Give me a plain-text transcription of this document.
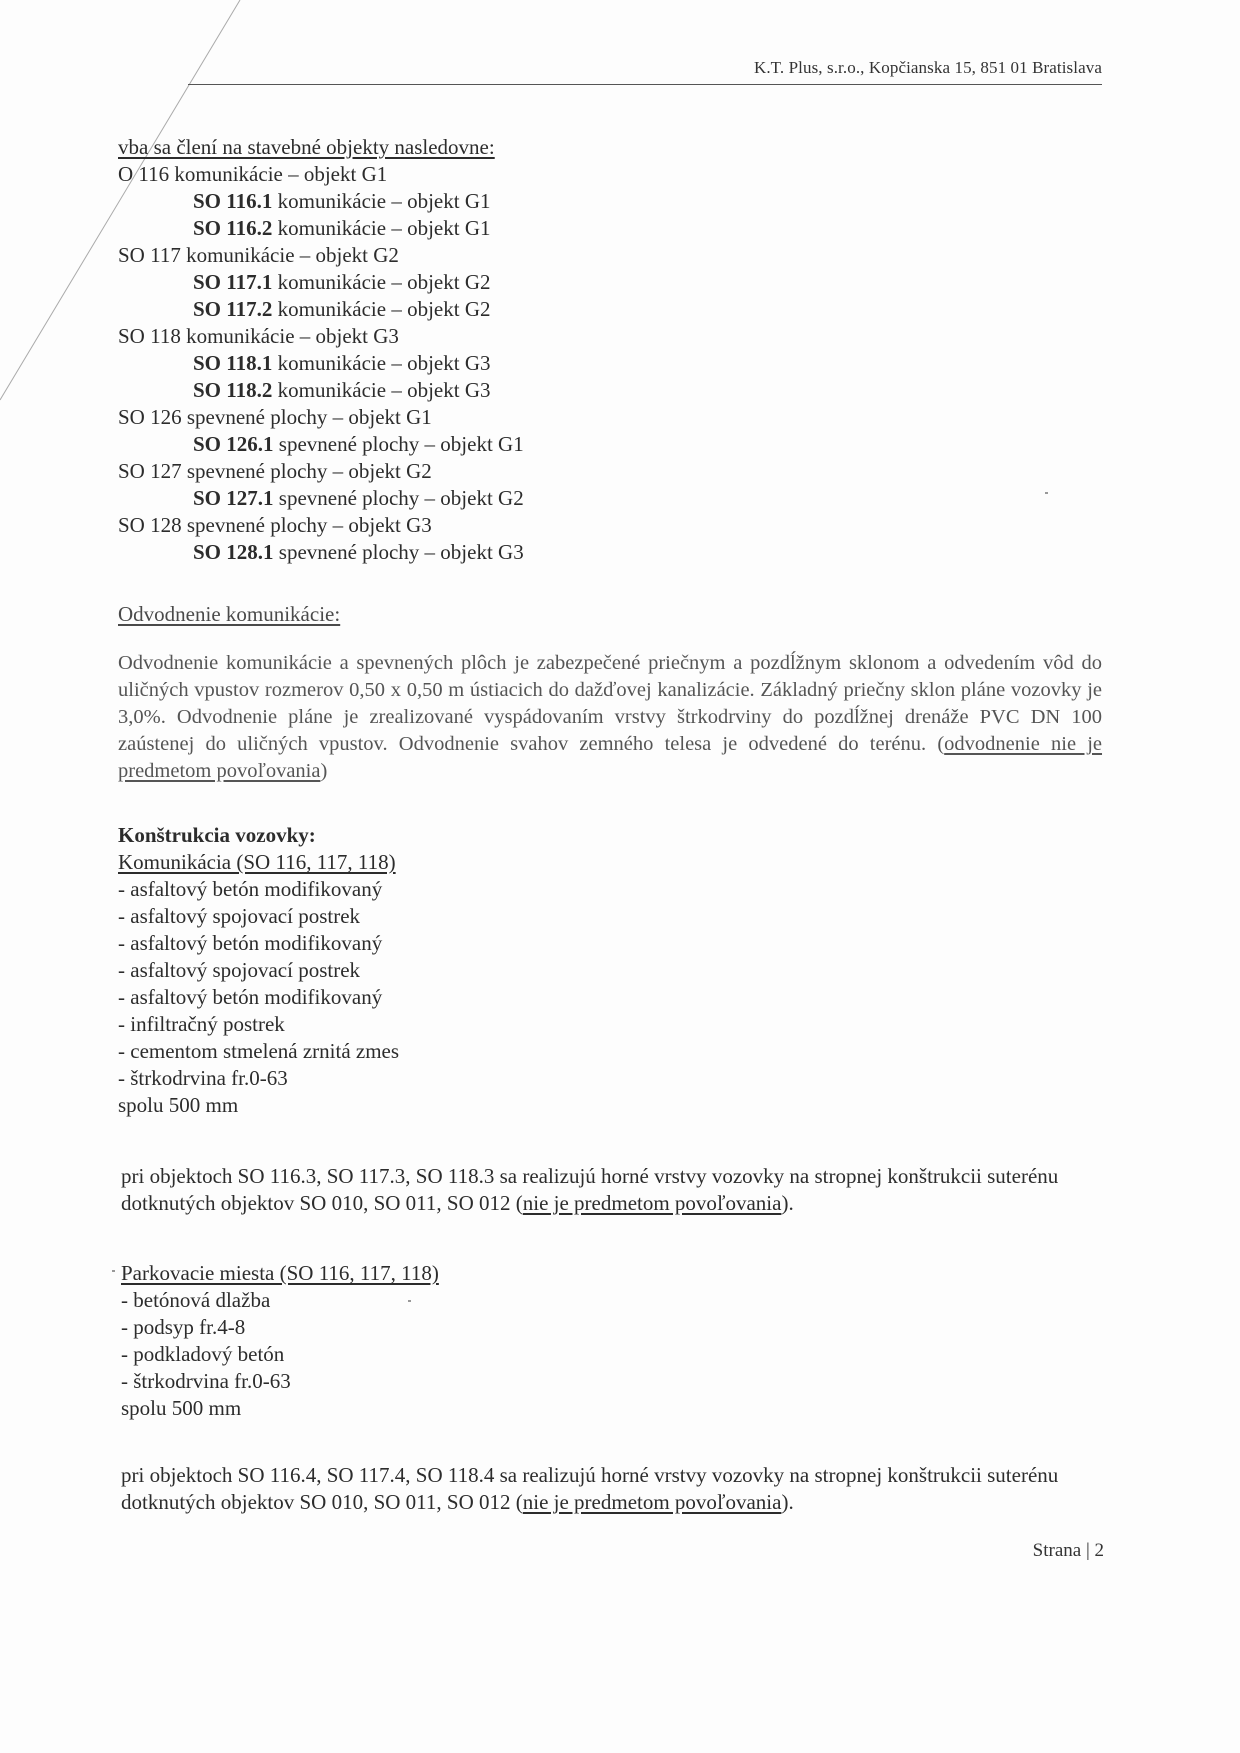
K.T. Plus, s.r.o., Kopčianska 15, 851 01 Bratislava
vba sa člení na stavebné objekty nasledovne:
O 116 komunikácie – objekt G1
SO 116.1 komunikácie – objekt G1
SO 116.2 komunikácie – objekt G1
SO 117 komunikácie – objekt G2
SO 117.1 komunikácie – objekt G2
SO 117.2 komunikácie – objekt G2
SO 118 komunikácie – objekt G3
SO 118.1 komunikácie – objekt G3
SO 118.2 komunikácie – objekt G3
SO 126 spevnené plochy – objekt G1
SO 126.1 spevnené plochy – objekt G1
SO 127 spevnené plochy – objekt G2
SO 127.1 spevnené plochy – objekt G2
SO 128 spevnené plochy – objekt G3
SO 128.1 spevnené plochy – objekt G3
Odvodnenie komunikácie:
Odvodnenie komunikácie a spevnených plôch je zabezpečené priečnym a pozdĺžnym sklonom a odvedením vôd do uličných vpustov rozmerov 0,50 x 0,50 m ústiacich do dažďovej kanalizácie. Základný priečny sklon pláne vozovky je 3,0%. Odvodnenie pláne je zrealizované vyspádovaním vrstvy štrkodrviny do pozdĺžnej drenáže PVC DN 100 zaústenej do uličných vpustov. Odvodnenie svahov zemného telesa je odvedené do terénu. (odvodnenie nie je predmetom povoľovania)
Konštrukcia vozovky:
Komunikácia (SO 116, 117, 118)
- asfaltový betón modifikovaný
- asfaltový spojovací postrek
- asfaltový betón modifikovaný
- asfaltový spojovací postrek
- asfaltový betón modifikovaný
- infiltračný postrek
- cementom stmelená zrnitá zmes
- štrkodrvina fr.0-63
spolu 500 mm
pri objektoch SO 116.3, SO 117.3, SO 118.3 sa realizujú horné vrstvy vozovky na stropnej konštrukcii suterénu dotknutých objektov SO 010, SO 011, SO 012 (nie je predmetom povoľovania).
Parkovacie miesta (SO 116, 117, 118)
- betónová dlažba
- podsyp fr.4-8
- podkladový betón
- štrkodrvina fr.0-63
spolu 500 mm
pri objektoch SO 116.4, SO 117.4, SO 118.4 sa realizujú horné vrstvy vozovky na stropnej konštrukcii suterénu dotknutých objektov SO 010, SO 011, SO 012 (nie je predmetom povoľovania).
Strana | 2
